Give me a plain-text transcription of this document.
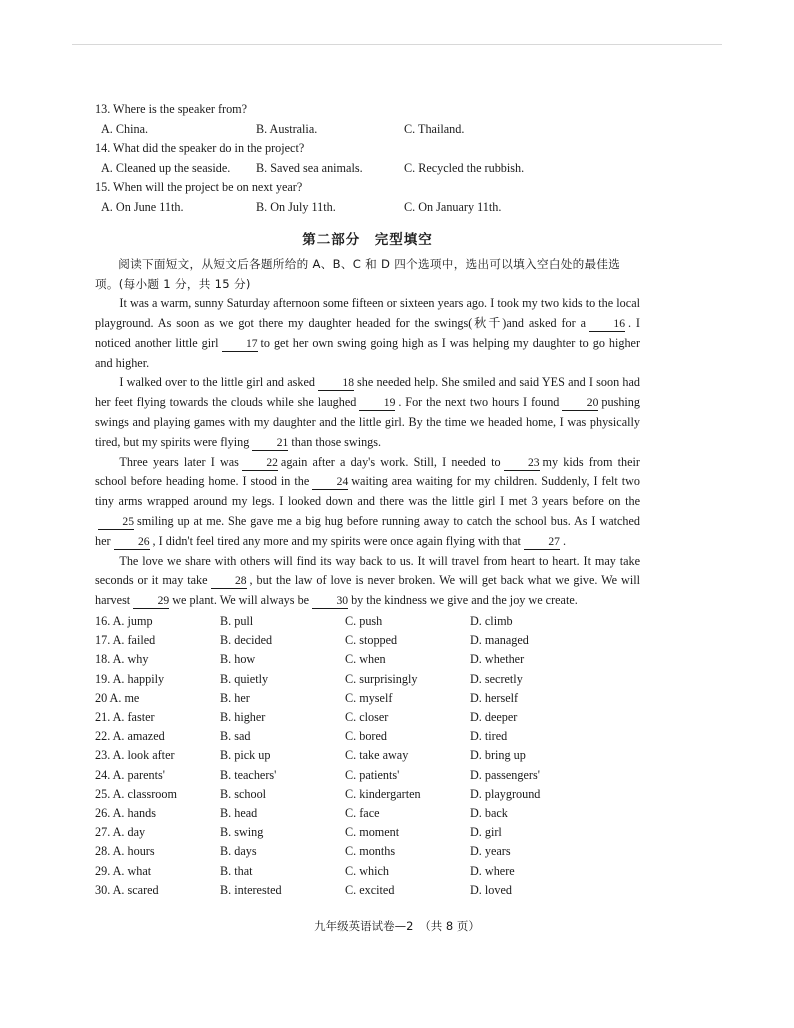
13. Where is the speaker from?

A. China.	B. Australia.	C. Thailand.

14. What did the speaker do in the project?

A. Cleaned up the seaside.	B. Saved sea animals.	C. Recycled the rubbish.

15. When will the project be on next year?

A. On June 11th.	B. On July 11th.	C. On January 11th.
第二部分　完型填空

阅读下面短文，从短文后各题所给的 A、B、C 和 D 四个选项中，选出可以填入空白处的最佳选项。(每小题 1 分，共 15 分)

It was a warm, sunny Saturday afternoon some fifteen or sixteen years ago. I took my two kids to the local playground. As soon as we got there my daughter headed for the swings(秋千)and asked for a 16 . I noticed another little girl 17 to get her own swing going high as I was helping my daughter to go higher and higher.

I walked over to the little girl and asked 18 she needed help. She smiled and said YES and I soon had her feet flying towards the clouds while she laughed 19 . For the next two hours I found 20 pushing swings and playing games with my daughter and the little girl. By the time we headed home, I was physically tired, but my spirits were flying 21 than those swings.

Three years later I was 22 again after a day's work. Still, I needed to 23 my kids from their school before heading home. I stood in the 24 waiting area waiting for my children. Suddenly, I felt two tiny arms wrapped around my legs. I looked down and there was the little girl I met 3 years before on the25 smiling up at me. She gave me a big hug before running away to catch the school bus. As I watched her 26 , I didn't feel tired any more and my spirits were once again flying with that 27 .

The love we share with others will find its way back to us. It will travel from heart to heart. It may take seconds or it may take 28 , but the law of love is never broken. We will get back what we give. We will harvest 29 we plant. We will always be 30 by the kindness we give and the joy we create.

16. A. jump	B. pull	C. push	D. climb
17. A. failed	B. decided	C. stopped	D. managed
18. A. why	B. how	C. when	D. whether
19. A. happily	B. quietly	C. surprisingly	D. secretly
20 A. me	B. her	C. myself	D. herself
21. A. faster	B. higher	C. closer	D. deeper
22. A. amazed	B. sad	C. bored	D. tired
23. A. look after	B. pick up	C. take away	D. bring up
24. A. parents'	B. teachers'	C. patients'	D. passengers'
25. A. classroom	B. school	C. kindergarten	D. playground
26. A. hands	B. head	C. face	D. back
27. A. day	B. swing	C. moment	D. girl
28. A. hours	B. days	C. months	D. years
29. A. what	B. that	C. which	D. where
30. A. scared	B. interested	C. excited	D. loved
九年级英语试卷—2　（共 8 页）
